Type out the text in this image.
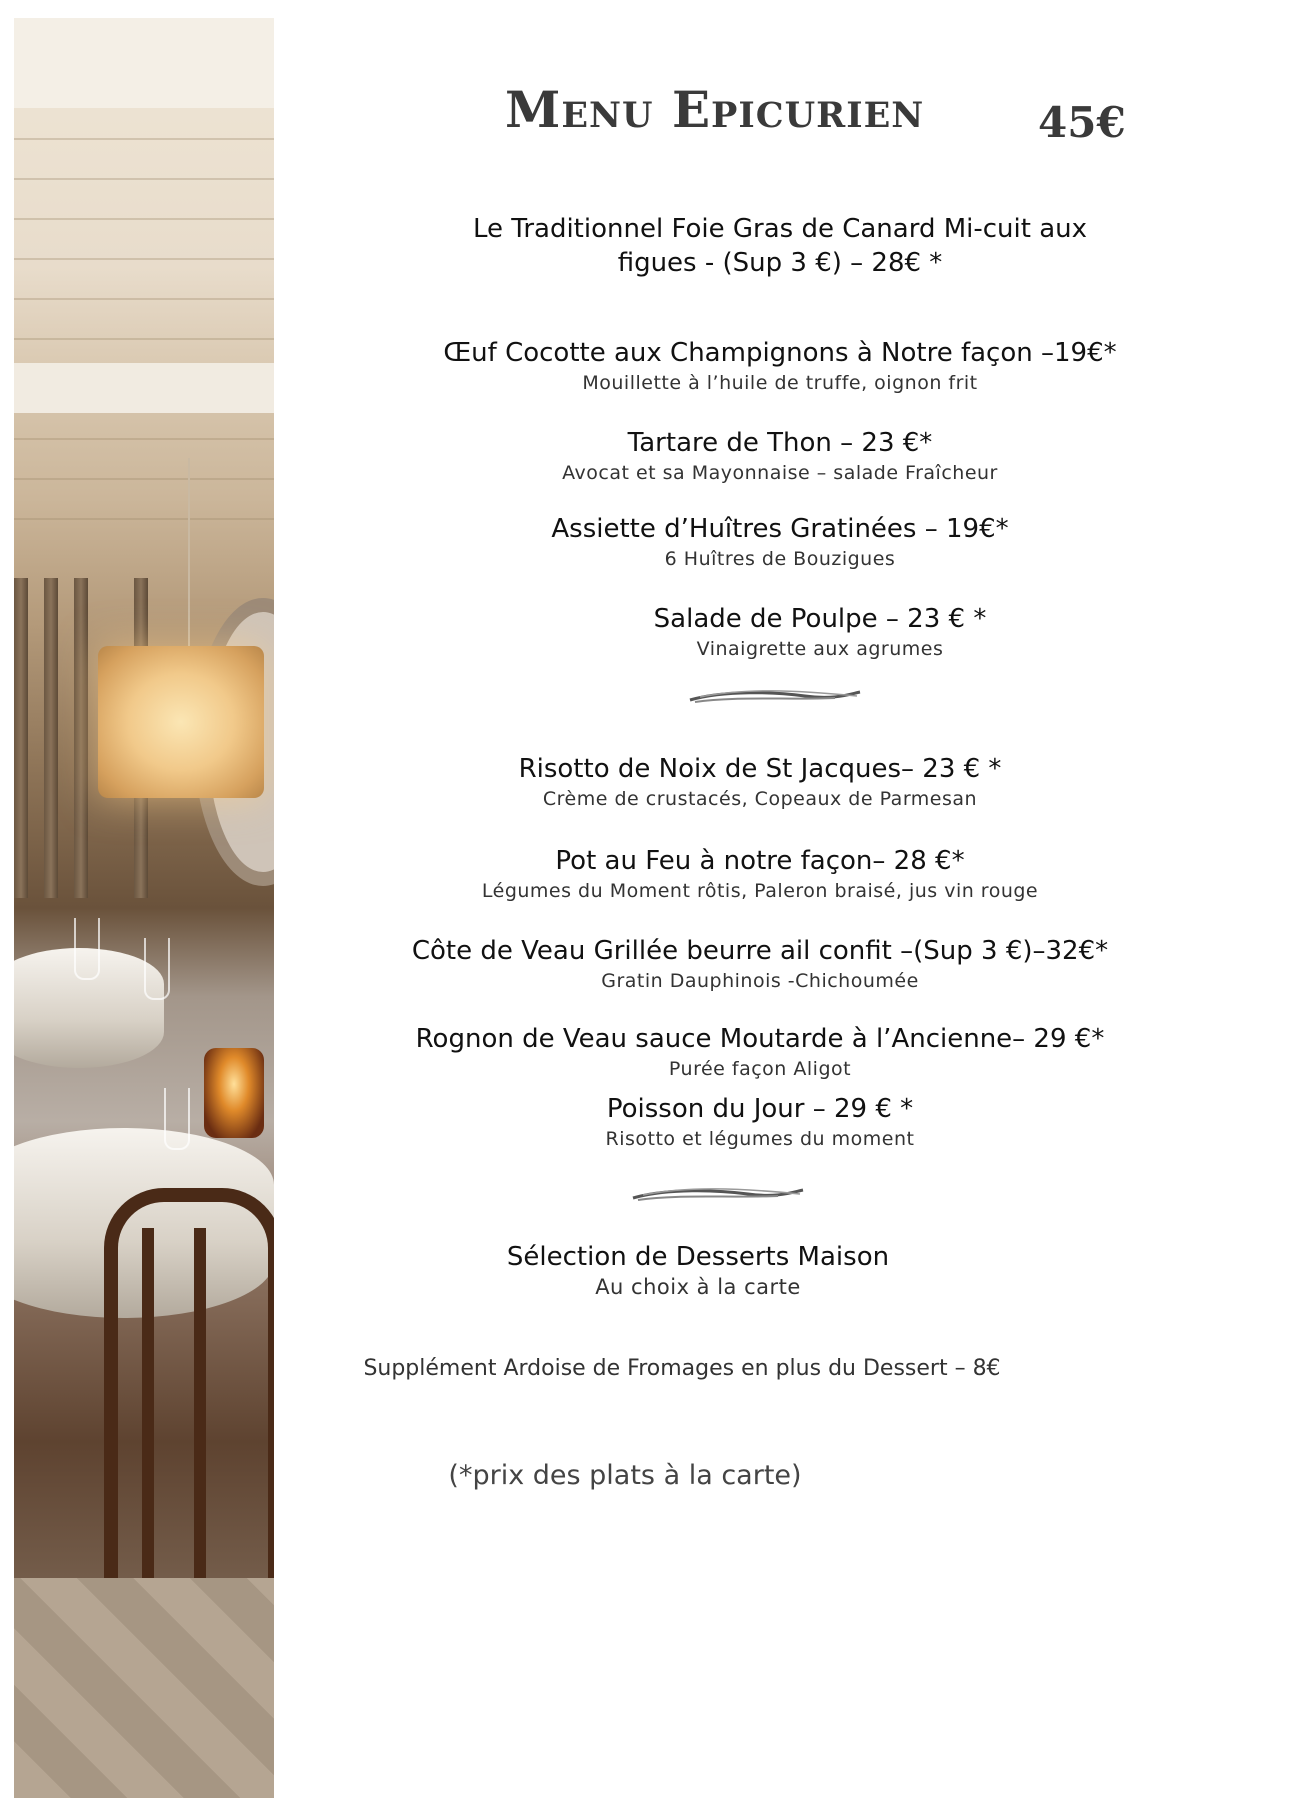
Menu Epicurien	45€
Le Traditionnel Foie Gras de Canard Mi-cuit aux
figues - (Sup 3 €) – 28€ *
Œuf Cocotte aux Champignons à Notre façon –19€*
Mouillette à l’huile de truffe, oignon frit
Tartare de Thon – 23 €*
Avocat et sa Mayonnaise – salade Fraîcheur
Assiette d’Huîtres Gratinées – 19€*
6 Huîtres de Bouzigues
Salade de Poulpe – 23 € *
Vinaigrette aux agrumes
Risotto de Noix de St Jacques– 23 € *
Crème de crustacés, Copeaux de Parmesan
Pot au Feu à notre façon– 28 €*
Légumes du Moment rôtis, Paleron braisé, jus vin rouge
Côte de Veau Grillée beurre ail confit –(Sup 3 €)–32€*
Gratin Dauphinois -Chichoumée
Rognon de Veau sauce Moutarde à l’Ancienne– 29 €*
Purée façon Aligot
Poisson du Jour – 29 € *
Risotto et légumes du moment
Sélection de Desserts Maison
Au choix à la carte
Supplément Ardoise de Fromages en plus du Dessert – 8€
(*prix des plats à la carte)
